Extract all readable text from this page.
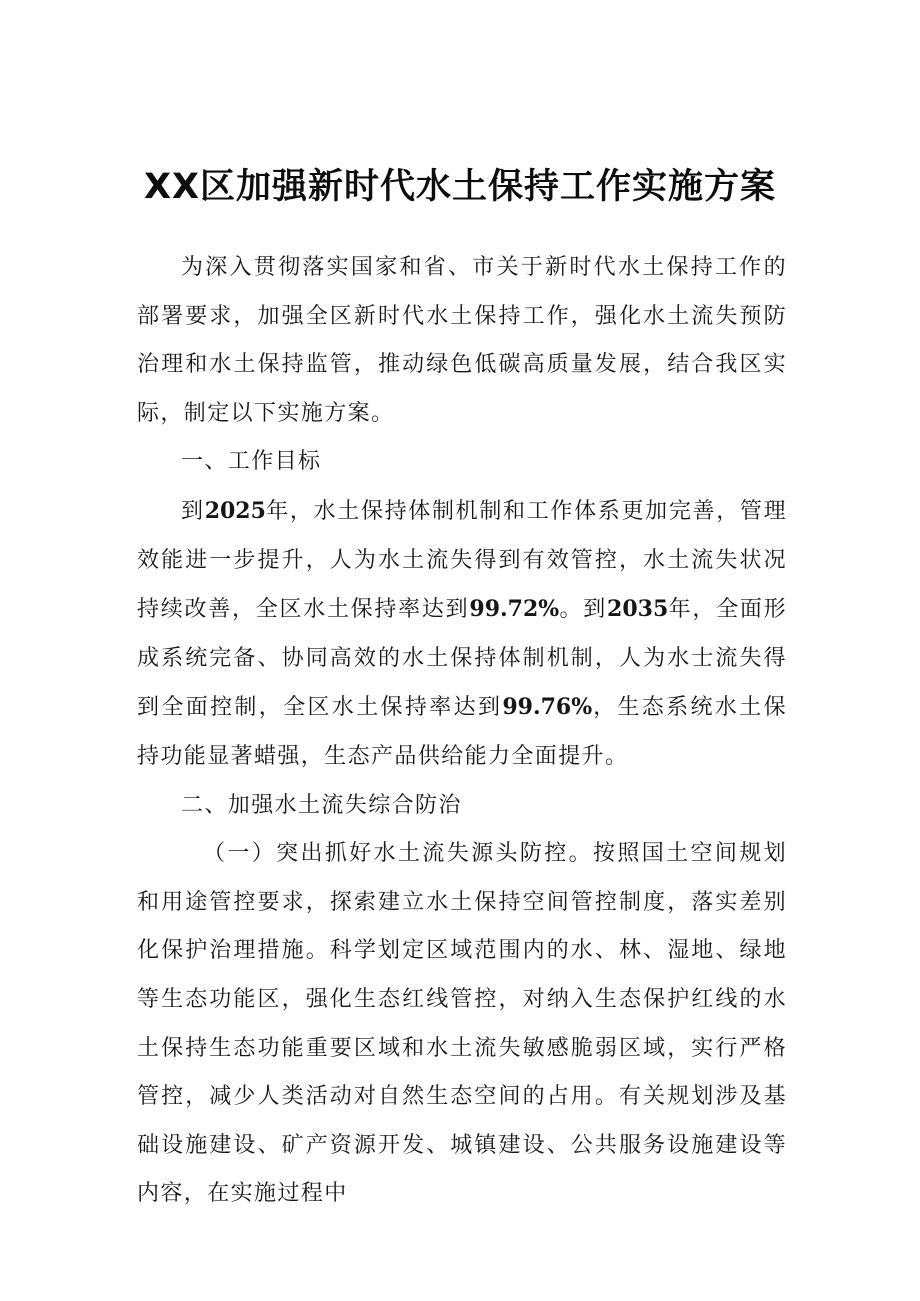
XX区加强新时代水土保持工作实施方案

为深入贯彻落实国家和省、市关于新时代水土保持工作的部署要求，加强全区新时代水土保持工作，强化水土流失预防治理和水土保持监管，推动绿色低碳高质量发展，结合我区实际，制定以下实施方案。

一、工作目标

到2025年，水土保持体制机制和工作体系更加完善，管理效能进一步提升，人为水土流失得到有效管控，水土流失状况持续改善，全区水土保持率达到99.72%。到2035年，全面形成系统完备、协同高效的水土保持体制机制，人为水士流失得到全面控制，全区水土保持率达到99.76%，生态系统水土保持功能显著蜡强，生态产品供给能力全面提升。

二、加强水土流失综合防治

（一）突出抓好水土流失源头防控。按照国土空间规划和用途管控要求，探索建立水土保持空间管控制度，落实差别化保护治理措施。科学划定区域范围内的水、林、湿地、绿地等生态功能区，强化生态红线管控，对纳入生态保护红线的水土保持生态功能重要区域和水土流失敏感脆弱区域，实行严格管控，减少人类活动对自然生态空间的占用。有关规划涉及基础设施建设、矿产资源开发、城镇建设、公共服务设施建设等内容，在实施过程中
